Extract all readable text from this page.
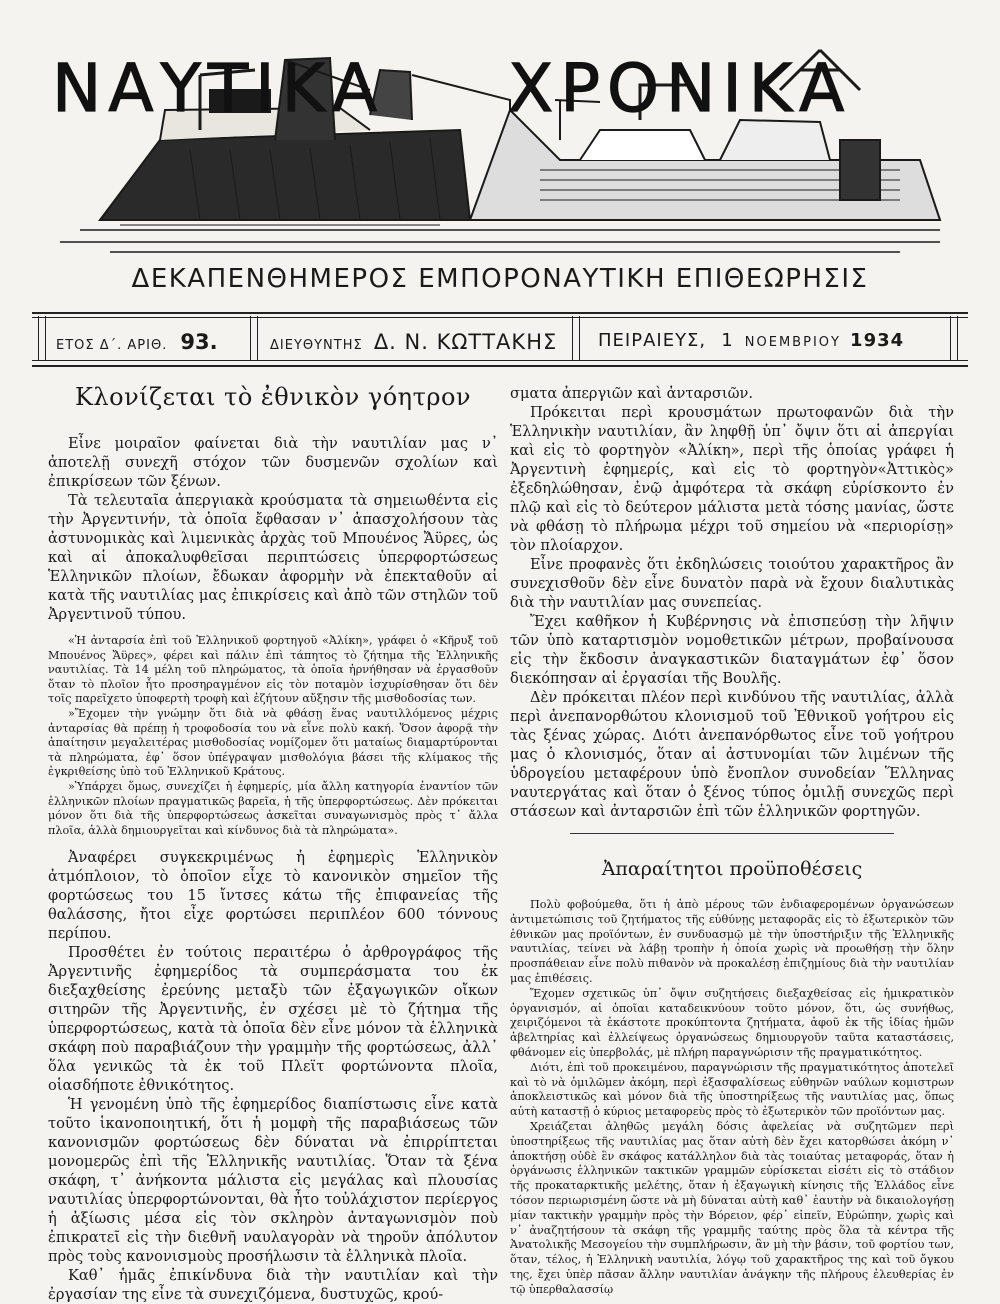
ΝΑΥΤΙΚΑ ΧΡΟΝΙΚΑ
ΔΕΚΑΠΕΝΘΗΜΕΡΟΣ ΕΜΠΟΡΟΝΑΥΤΙΚΗ ΕΠΙΘΕΩΡΗΣΙΣ
ΕΤΟΣ Δ΄. ΑΡΙΘ. 93.	ΔΙΕΥΘΥΝΤΗΣ Δ. Ν. ΚΩΤΤΑΚΗΣ ΠΕΙΡΑΙΕΥΣ, 1 ΝΟΕΜΒΡΙΟΥ 1934
Κλονίζεται τὸ ἐθνικὸν γόητρον

Εἶνε μοιραῖον φαίνεται διὰ τὴν ναυτιλίαν μας ν᾽ ἀποτελῇ συνεχῆ στόχον τῶν δυσμενῶν σχολίων καὶ ἐπικρίσεων τῶν ξένων.

Τὰ τελευταῖα ἀπεργιακὰ κρούσματα τὰ σημειωθέντα εἰς τὴν Ἀργεντινήν, τὰ ὁποῖα ἔφθασαν ν᾽ ἀπασχολήσουν τὰς ἀστυνομικὰς καὶ λιμενικὰς ἀρχὰς τοῦ Μπουένος Ἄϋρες, ὡς καὶ αἱ ἀποκαλυφθεῖσαι περιπτώσεις ὑπερφορτώσεως Ἑλληνικῶν πλοίων, ἔδωκαν ἀφορμὴν νὰ ἐπεκταθοῦν αἱ κατὰ τῆς ναυτιλίας μας ἐπικρίσεις καὶ ἀπὸ τῶν στηλῶν τοῦ Ἀργεντινοῦ τύπου.

«Ἡ ἀνταρσία ἐπὶ τοῦ Ἑλληνικοῦ φορτηγοῦ «Ἀλίκη», γράφει ὁ «Κῆρυξ τοῦ Μπουένος Ἄϋρες», φέρει καὶ πάλιν ἐπὶ τάπητος τὸ ζήτημα τῆς Ἑλληνικῆς ναυτιλίας. Τὰ 14 μέλη τοῦ πληρώματος, τὰ ὁποῖα ἠρνήθησαν νὰ ἐργασθοῦν ὅταν τὸ πλοῖον ἦτο προσηραγμένον εἰς τὸν ποταμὸν ἰσχυρίσθησαν ὅτι δὲν τοῖς παρεῖχετο ὑποφερτὴ τροφὴ καὶ ἐζήτουν αὔξησιν τῆς μισθοδοσίας των.

»Ἔχομεν τὴν γνώμην ὅτι διὰ νὰ φθάσῃ ἕνας ναυτιλλόμενος μέχρις ἀνταρσίας θὰ πρέπῃ ἡ τροφοδοσία του νὰ εἶνε πολὺ κακή. Ὅσον ἀφορᾷ τὴν ἀπαίτησιν μεγαλειτέρας μισθοδοσίας νομίζομεν ὅτι ματαίως διαμαρτύρονται τὰ πληρώματα, ἐφ᾽ ὅσον ὑπέγραψαν μισθολόγια βάσει τῆς κλίμακος τῆς ἐγκριθείσης ὑπὸ τοῦ Ἑλληνικοῦ Κράτους.

»Ὑπάρχει ὅμως, συνεχίζει ἡ ἐφημερίς, μία ἄλλη κατηγορία ἐναντίον τῶν ἑλληνικῶν πλοίων πραγματικῶς βαρεῖα, ἡ τῆς ὑπερφορτώσεως. Δὲν πρόκειται μόνον ὅτι διὰ τῆς ὑπερφορτώσεως ἀσκεῖται συναγωνισμὸς πρὸς τ᾽ ἄλλα πλοῖα, ἀλλὰ δημιουργεῖται καὶ κίνδυνος διὰ τὰ πληρώματα».

Ἀναφέρει συγκεκριμένως ἡ ἐφημερὶς Ἑλληνικὸν ἀτμόπλοιον, τὸ ὁποῖον εἶχε τὸ κανονικὸν σημεῖον τῆς φορτώσεως του 15 ἴντσες κάτω τῆς ἐπιφανείας τῆς θαλάσσης, ἤτοι εἶχε φορτώσει περιπλέον 600 τόννους περίπου.

Προσθέτει ἐν τούτοις περαιτέρω ὁ ἀρθρογράφος τῆς Ἀργεντινῆς ἐφημερίδος τὰ συμπεράσματα του ἐκ διεξαχθείσης ἐρεύνης μεταξὺ τῶν ἐξαγωγικῶν οἴκων σιτηρῶν τῆς Ἀργεντινῆς, ἐν σχέσει μὲ τὸ ζήτημα τῆς ὑπερφορτώσεως, κατὰ τὰ ὁποῖα δὲν εἶνε μόνον τὰ ἑλληνικὰ σκάφη ποὺ παραβιάζουν τὴν γραμμὴν τῆς φορτώσεως, ἀλλ᾽ ὅλα γενικῶς τὰ ἐκ τοῦ Πλεϊτ φορτώνοντα πλοῖα, οἱασδήποτε ἐθνικότητος.

Ἡ γενομένη ὑπὸ τῆς ἐφημερίδος διαπίστωσις εἶνε κατὰ τοῦτο ἱκανοποιητική, ὅτι ἡ μομφὴ τῆς παραβιάσεως τῶν κανονισμῶν φορτώσεως δὲν δύναται νὰ ἐπιρρίπτεται μονομερῶς ἐπὶ τῆς Ἑλληνικῆς ναυτιλίας. Ὅταν τὰ ξένα σκάφη, τ᾽ ἀνήκοντα μάλιστα εἰς μεγάλας καὶ πλουσίας ναυτιλίας ὑπερφορτώνονται, θὰ ἦτο τοὐλάχιστον περίεργος ἡ ἀξίωσις μέσα εἰς τὸν σκληρὸν ἀνταγωνισμὸν ποὺ ἐπικρατεῖ εἰς τὴν διεθνῆ ναυλαγορὰν νὰ τηροῦν ἀπόλυτον πρὸς τοὺς κανονισμοὺς προσήλωσιν τὰ ἑλληνικὰ πλοῖα.

Καθ᾽ ἡμᾶς ἐπικίνδυνα διὰ τὴν ναυτιλίαν καὶ τὴν ἐργασίαν της εἶνε τὰ συνεχιζόμενα, δυστυχῶς, κρού-

σματα ἀπεργιῶν καὶ ἀνταρσιῶν.

Πρόκειται περὶ κρουσμάτων πρωτοφανῶν διὰ τὴν Ἑλληνικὴν ναυτιλίαν, ἂν ληφθῇ ὑπ᾽ ὄψιν ὅτι αἱ ἀπεργίαι καὶ εἰς τὸ φορτηγὸν «Ἀλίκη», περὶ τῆς ὁποίας γράφει ἡ Ἀργεντινὴ ἐφημερίς, καὶ εἰς τὸ φορτηγὸν«Ἀττικὸς» ἐξεδηλώθησαν, ἐνῷ ἀμφότερα τὰ σκάφη εὑρίσκοντο ἐν πλῷ καὶ εἰς τὸ δεύτερον μάλιστα μετὰ τόσης μανίας, ὥστε νὰ φθάσῃ τὸ πλήρωμα μέχρι τοῦ σημείου νὰ «περιορίσῃ» τὸν πλοίαρχον.

Εἶνε προφανὲς ὅτι ἐκδηλώσεις τοιούτου χαρακτῆρος ἂν συνεχισθοῦν δὲν εἶνε δυνατὸν παρὰ νὰ ἔχουν διαλυτικὰς διὰ τὴν ναυτιλίαν μας συνεπείας.

Ἔχει καθῆκον ἡ Κυβέρνησις νὰ ἐπισπεύσῃ τὴν λῆψιν τῶν ὑπὸ καταρτισμὸν νομοθετικῶν μέτρων, προβαίνουσα εἰς τὴν ἔκδοσιν ἀναγκαστικῶν διαταγμάτων ἐφ᾽ ὅσον διεκόπησαν αἱ ἐργασίαι τῆς Βουλῆς.

Δὲν πρόκειται πλέον περὶ κινδύνου τῆς ναυτιλίας, ἀλλὰ περὶ ἀνεπανορθώτου κλονισμοῦ τοῦ Ἐθνικοῦ γοήτρου εἰς τὰς ξένας χώρας. Διότι ἀνεπανόρθωτος εἶνε τοῦ γοήτρου μας ὁ κλονισμός, ὅταν αἱ ἀστυνομίαι τῶν λιμένων τῆς ὑδρογείου μεταφέρουν ὑπὸ ἔνοπλον συνοδείαν Ἕλληνας ναυτεργάτας καὶ ὅταν ὁ ξένος τύπος ὁμιλῇ συνεχῶς περὶ στάσεων καὶ ἀνταρσιῶν ἐπὶ τῶν ἑλληνικῶν φορτηγῶν.

Ἀπαραίτητοι προϋποθέσεις

Πολὺ φοβούμεθα, ὅτι ἡ ἀπὸ μέρους τῶν ἐνδιαφερομένων ὀργανώσεων ἀντιμετώπισις τοῦ ζητήματος τῆς εὐθύνῃς μεταφορᾶς εἰς τὸ ἐξωτερικὸν τῶν ἐθνικῶν μας προϊόντων, ἐν συνδυασμῷ μὲ τὴν ὑποστήριξιν τῆς Ἑλληνικῆς ναυτιλίας, τείνει νὰ λάβῃ τροπὴν ἡ ὁποία χωρὶς νὰ προωθήσῃ τὴν ὅλην προσπάθειαν εἶνε πολὺ πιθανὸν νὰ προκαλέσῃ ἐπιζημίους διὰ τὴν ναυτιλίαν μας ἐπιθέσεις.

Ἔχομεν σχετικῶς ὑπ᾽ ὄψιν συζητήσεις διεξαχθείσας εἰς ἡμικρατικὸν ὀργανισμόν, αἱ ὁποῖαι καταδεικνύουν τοῦτο μόνον, ὅτι, ὡς συνήθως, χειριζόμενοι τὰ ἑκάστοτε προκύπτοντα ζητήματα, ἀφοῦ ἐκ τῆς ἰδίας ἡμῶν ἀβελτηρίας καὶ ἐλλείψεως ὀργανώσεως δημιουργοῦν ταῦτα καταστάσεις, φθάνομεν εἰς ὑπερβολάς, μὲ πλήρη παραγνώρισιν τῆς πραγματικότητος.

Διότι, ἐπὶ τοῦ προκειμένου, παραγνώρισιν τῆς πραγματικότητος ἀποτελεῖ καὶ τὸ νὰ ὁμιλῶμεν ἀκόμη, περὶ ἐξασφαλίσεως εὐθηνῶν ναύλων κομιστρων ἀποκλειστικῶς καὶ μόνον διὰ τῆς ὑποστηρίξεως τῆς ναυτιλίας μας, ὅπως αὐτὴ καταστῇ ὁ κύριος μεταφορεὺς πρὸς τὸ ἐξωτερικὸν τῶν προϊόντων μας.

Χρειάζεται ἀληθῶς μεγάλη δόσις ἀφελείας νὰ συζητῶμεν περὶ ὑποστηρίξεως τῆς ναυτιλίας μας ὅταν αὐτὴ δὲν ἔχει κατορθώσει ἀκόμη ν᾽ ἀποκτήσῃ οὐδὲ ἓν σκάφος κατάλληλον διὰ τὰς τοιαύτας μεταφοράς, ὅταν ἡ ὀργάνωσις ἑλληνικῶν τακτικῶν γραμμῶν εὑρίσκεται εἰσέτι εἰς τὸ στάδιον τῆς προκαταρκτικῆς μελέτης, ὅταν ἡ ἐξαγωγικὴ κίνησις τῆς Ἑλλάδος εἶνε τόσον περιωρισμένη ὥστε νὰ μὴ δύναται αὐτὴ καθ᾽ ἑαυτὴν νὰ δικαιολογήσῃ μίαν τακτικὴν γραμμὴν πρὸς τὴν Βόρειον, φέρ᾽ εἰπεῖν, Εὐρώπην, χωρὶς καὶ ν᾽ ἀναζητήσουν τὰ σκάφη τῆς γραμμῆς ταύτης πρὸς ὅλα τὰ κέντρα τῆς Ἀνατολικῆς Μεσογείου τὴν συμπλήρωσιν, ἂν μὴ τὴν βάσιν, τοῦ φορτίου των, ὅταν, τέλος, ἡ Ἑλληνικὴ ναυτιλία, λόγῳ τοῦ χαρακτῆρος της καὶ τοῦ ὄγκου της, ἔχει ὑπὲρ πᾶσαν ἄλλην ναυτιλίαν ἀνάγκην τῆς πλήρους ἐλευθερίας ἐν τῷ ὑπερθαλασσίῳ
